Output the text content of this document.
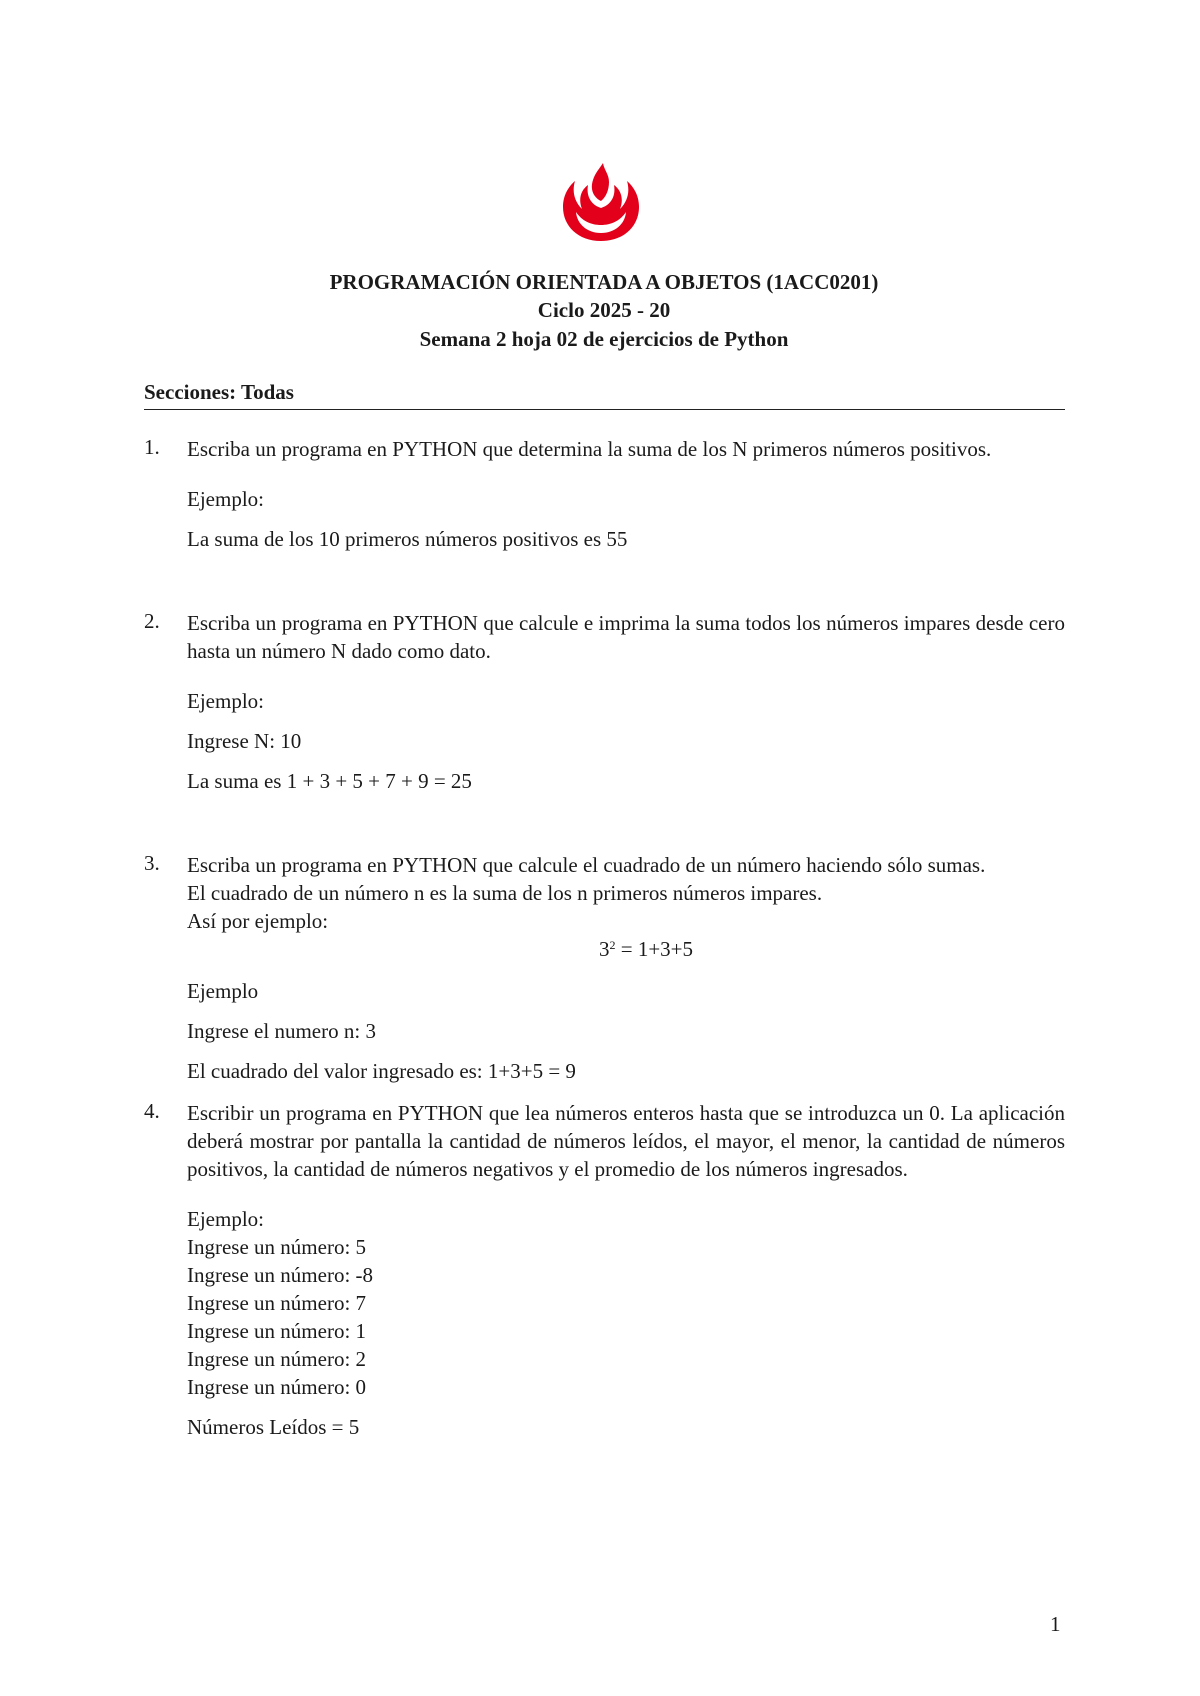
PROGRAMACIÓN ORIENTADA A OBJETOS (1ACC0201)
Ciclo 2025 - 20
Semana 2 hoja 02 de ejercicios de Python
Secciones: Todas
1. Escriba un programa en PYTHON que determina la suma de los N primeros números positivos.

Ejemplo:

La suma de los 10 primeros números positivos es 55

2. Escriba un programa en PYTHON que calcule e imprima la suma todos los números impares desde cero hasta un número N dado como dato.

Ejemplo:

Ingrese N: 10

La suma es 1 + 3 + 5 + 7 + 9 = 25

3. Escriba un programa en PYTHON que calcule el cuadrado de un número haciendo sólo sumas.

El cuadrado de un número n es la suma de los n primeros números impares.

Así por ejemplo:

$3^2 = 1+3+5$

Ejemplo

Ingrese el numero n: 3

El cuadrado del valor ingresado es: 1+3+5 = 9

4. Escribir un programa en PYTHON que lea números enteros hasta que se introduzca un 0. La aplicación deberá mostrar por pantalla la cantidad de números leídos, el mayor, el menor, la cantidad de números positivos, la cantidad de números negativos y el promedio de los números ingresados.

Ejemplo:

Ingrese un número: 5

Ingrese un número: -8

Ingrese un número: 7

Ingrese un número: 1

Ingrese un número: 2

Ingrese un número: 0

Números Leídos = 5

1
